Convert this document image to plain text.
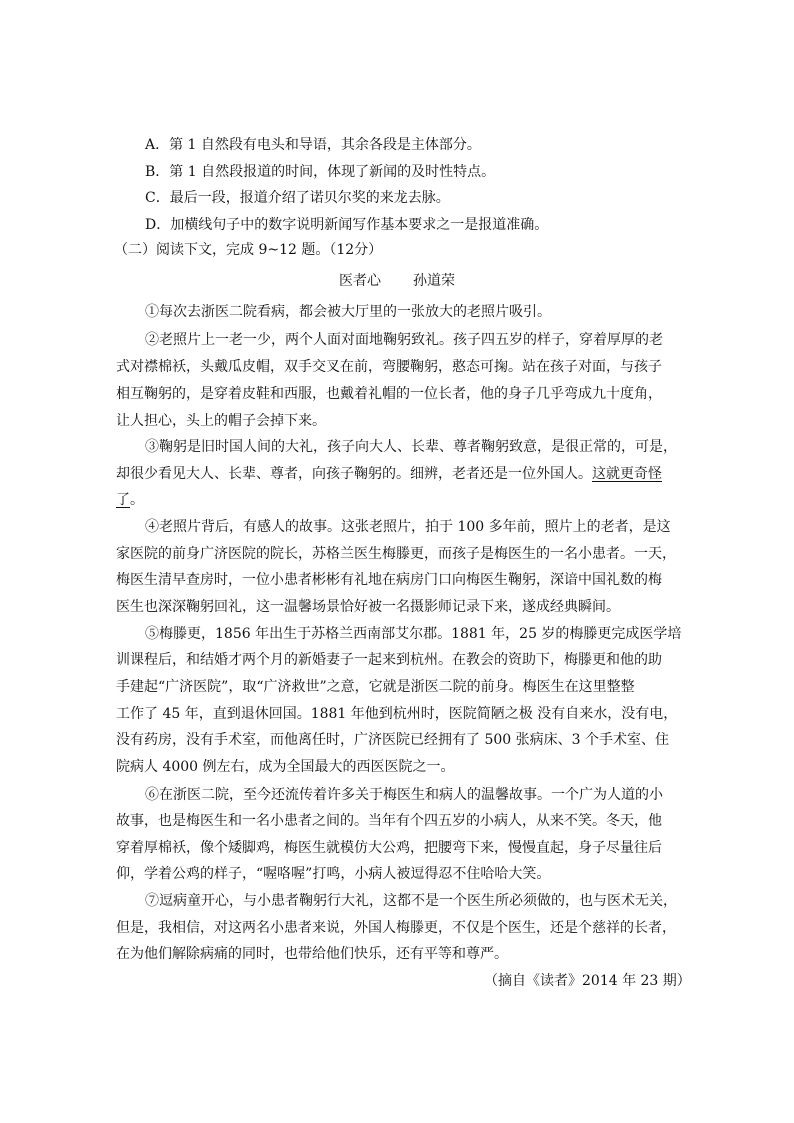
A．第 1 自然段有电头和导语，其余各段是主体部分。
B．第 1 自然段报道的时间，体现了新闻的及时性特点。
C．最后一段，报道介绍了诺贝尔奖的来龙去脉。
D．加横线句子中的数字说明新闻写作基本要求之一是报道准确。
（二）阅读下文，完成 9~12 题。（12分）
医者心 孙道荣
①每次去浙医二院看病，都会被大厅里的一张放大的老照片吸引。
②老照片上一老一少，两个人面对面地鞠躬致礼。孩子四五岁的样子，穿着厚厚的老
式对襟棉袄，头戴瓜皮帽，双手交叉在前，弯腰鞠躬，憨态可掬。站在孩子对面，与孩子
相互鞠躬的，是穿着皮鞋和西服，也戴着礼帽的一位长者，他的身子几乎弯成九十度角，
让人担心，头上的帽子会掉下来。
③鞠躬是旧时国人间的大礼，孩子向大人、长辈、尊者鞠躬致意，是很正常的，可是，
却很少看见大人、长辈、尊者，向孩子鞠躬的。细辨，老者还是一位外国人。这就更奇怪
了。
④老照片背后，有感人的故事。这张老照片，拍于 100 多年前，照片上的老者，是这
家医院的前身广济医院的院长，苏格兰医生梅滕更，而孩子是梅医生的一名小患者。一天，
梅医生清早查房时，一位小患者彬彬有礼地在病房门口向梅医生鞠躬，深谙中国礼数的梅
医生也深深鞠躬回礼，这一温馨场景恰好被一名摄影师记录下来，遂成经典瞬间。
⑤梅滕更，1856 年出生于苏格兰西南部艾尔郡。1881 年，25 岁的梅滕更完成医学培
训课程后，和结婚才两个月的新婚妻子一起来到杭州。在教会的资助下，梅滕更和他的助
手建起“广济医院”，取“广济救世”之意，它就是浙医二院的前身。梅医生在这里整整
工作了 45 年，直到退休回国。1881 年他到杭州时，医院简陋之极 没有自来水，没有电，
没有药房，没有手术室，而他离任时，广济医院已经拥有了 500 张病床、3 个手术室、住
院病人 4000 例左右，成为全国最大的西医医院之一。
⑥在浙医二院，至今还流传着许多关于梅医生和病人的温馨故事。一个广为人道的小
故事，也是梅医生和一名小患者之间的。当年有个四五岁的小病人，从来不笑。冬天，他
穿着厚棉袄，像个矮脚鸡，梅医生就模仿大公鸡，把腰弯下来，慢慢直起，身子尽量往后
仰，学着公鸡的样子，“喔咯喔”打鸣，小病人被逗得忍不住哈哈大笑。
⑦逗病童开心，与小患者鞠躬行大礼，这都不是一个医生所必须做的，也与医术无关，
但是，我相信，对这两名小患者来说，外国人梅滕更，不仅是个医生，还是个慈祥的长者，
在为他们解除病痛的同时，也带给他们快乐，还有平等和尊严。
（摘自《读者》2014 年 23 期）
